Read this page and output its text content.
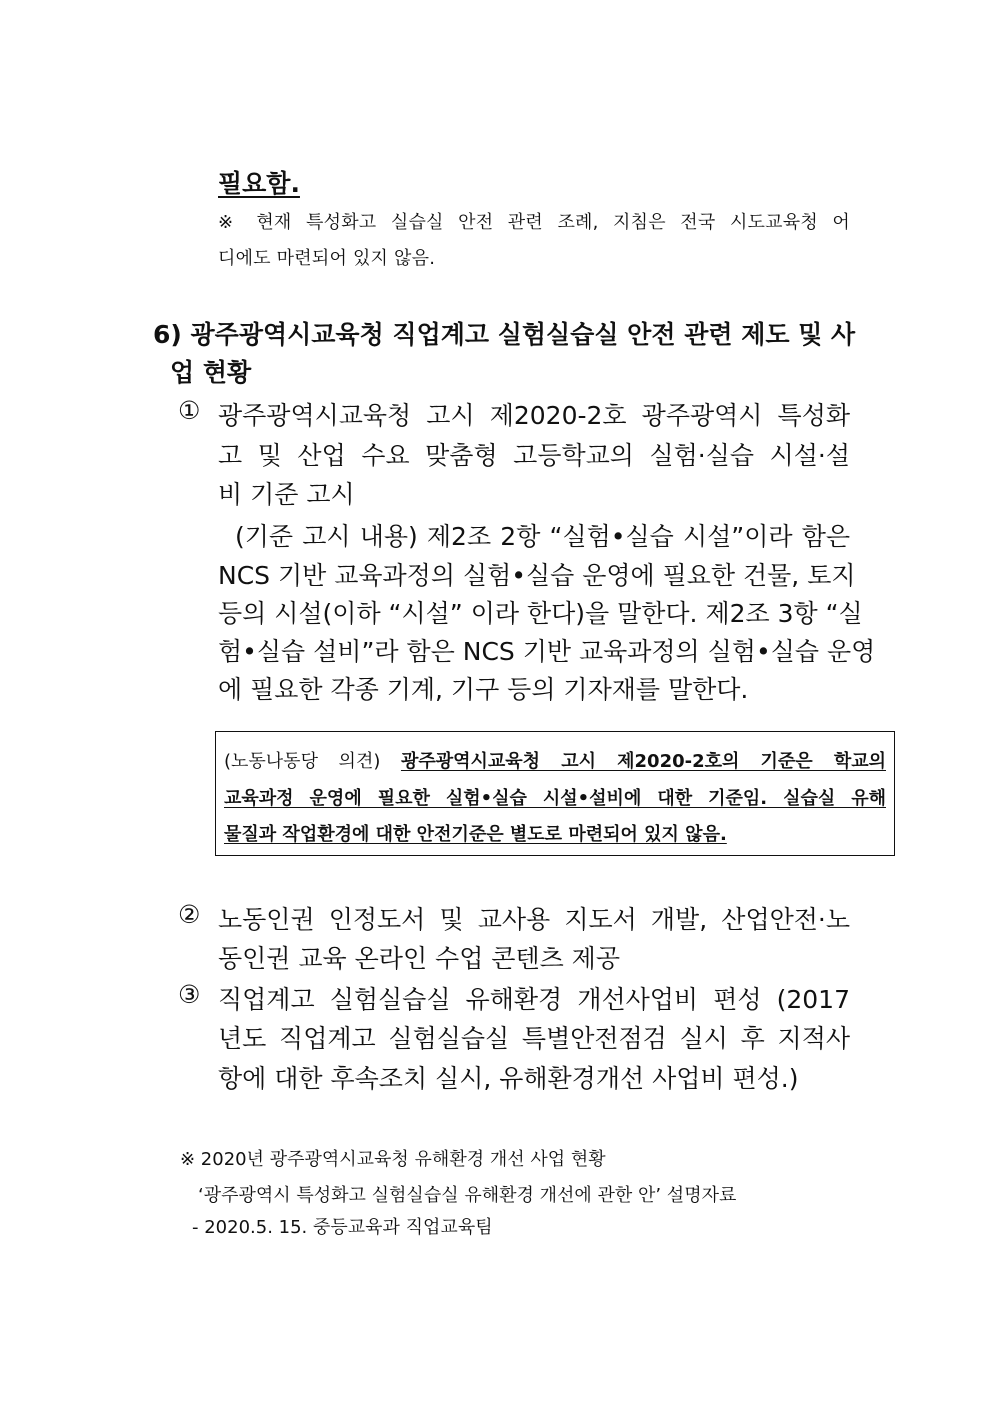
필요함.
※ 현재 특성화고 실습실 안전 관련 조례, 지침은 전국 시도교육청 어
디에도 마련되어 있지 않음.
6) 광주광역시교육청 직업계고 실험실습실 안전 관련 제도 및 사
업 현황
① 광주광역시교육청 고시 제2020-2호 광주광역시 특성화
고 및 산업 수요 맞춤형 고등학교의 실험·실습 시설·설
비 기준 고시
(기준 고시 내용) 제2조 2항 “실험•실습 시설”이라 함은
NCS 기반 교육과정의 실험•실습 운영에 필요한 건물, 토지
등의 시설(이하 “시설” 이라 한다)을 말한다. 제2조 3항 “실
험•실습 설비”라 함은 NCS 기반 교육과정의 실험•실습 운영
에 필요한 각종 기계, 기구 등의 기자재를 말한다.
(노동나동당 의견) 광주광역시교육청 고시 제2020-2호의 기준은 학교의
교육과정 운영에 필요한 실험•실습 시설•설비에 대한 기준임. 실습실 유해
물질과 작업환경에 대한 안전기준은 별도로 마련되어 있지 않음.
② 노동인권 인정도서 및 교사용 지도서 개발, 산업안전·노
동인권 교육 온라인 수업 콘텐츠 제공
③ 직업계고 실험실습실 유해환경 개선사업비 편성 (2017
년도 직업계고 실험실습실 특별안전점검 실시 후 지적사
항에 대한 후속조치 실시, 유해환경개선 사업비 편성.)
※ 2020년 광주광역시교육청 유해환경 개선 사업 현황
‘광주광역시 특성화고 실험실습실 유해환경 개선에 관한 안’ 설명자료
- 2020.5. 15. 중등교육과 직업교육팀
